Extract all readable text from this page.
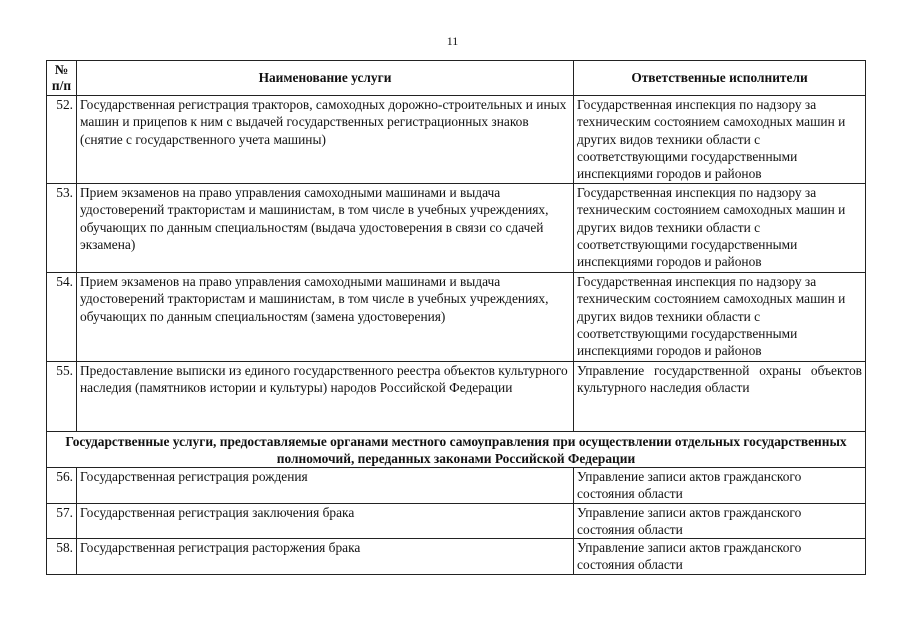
11
№ п/п	Наименование услуги	Ответственные исполнители
52.	Государственная регистрация тракторов, самоходных дорожно-строительных и иных машин и прицепов к ним с выдачей государственных регистрационных знаков (снятие с государственного учета машины)	Государственная инспекция по надзору за техническим состоянием самоходных машин и других видов техники области с соответствующими государственными инспекциями городов и районов
53.	Прием экзаменов на право управления самоходными машинами и выдача удостоверений трактористам и машинистам, в том числе в учебных учреждениях, обучающих по данным специальностям (выдача удостоверения в связи со сдачей экзамена)	Государственная инспекция по надзору за техническим состоянием самоходных машин и других видов техники области с соответствующими государственными инспекциями городов и районов
54.	Прием экзаменов на право управления самоходными машинами и выдача удостоверений трактористам и машинистам, в том числе в учебных учреждениях, обучающих по данным специальностям (замена удостоверения)	Государственная инспекция по надзору за техническим состоянием самоходных машин и других видов техники области с соответствующими государственными инспекциями городов и районов
55.	Предоставление выписки из единого государственного реестра объектов культурного наследия (памятников истории и культуры) народов Российской Федерации	Управление государственной охраны объектов культурного наследия области
Государственные услуги, предоставляемые органами местного самоуправления при осуществлении отдельных государственных полномочий, переданных законами Российской Федерации		
56.	Государственная регистрация рождения	Управление записи актов гражданского состояния области
57.	Государственная регистрация заключения брака	Управление записи актов гражданского состояния области
58.	Государственная регистрация расторжения брака	Управление записи актов гражданского состояния области
